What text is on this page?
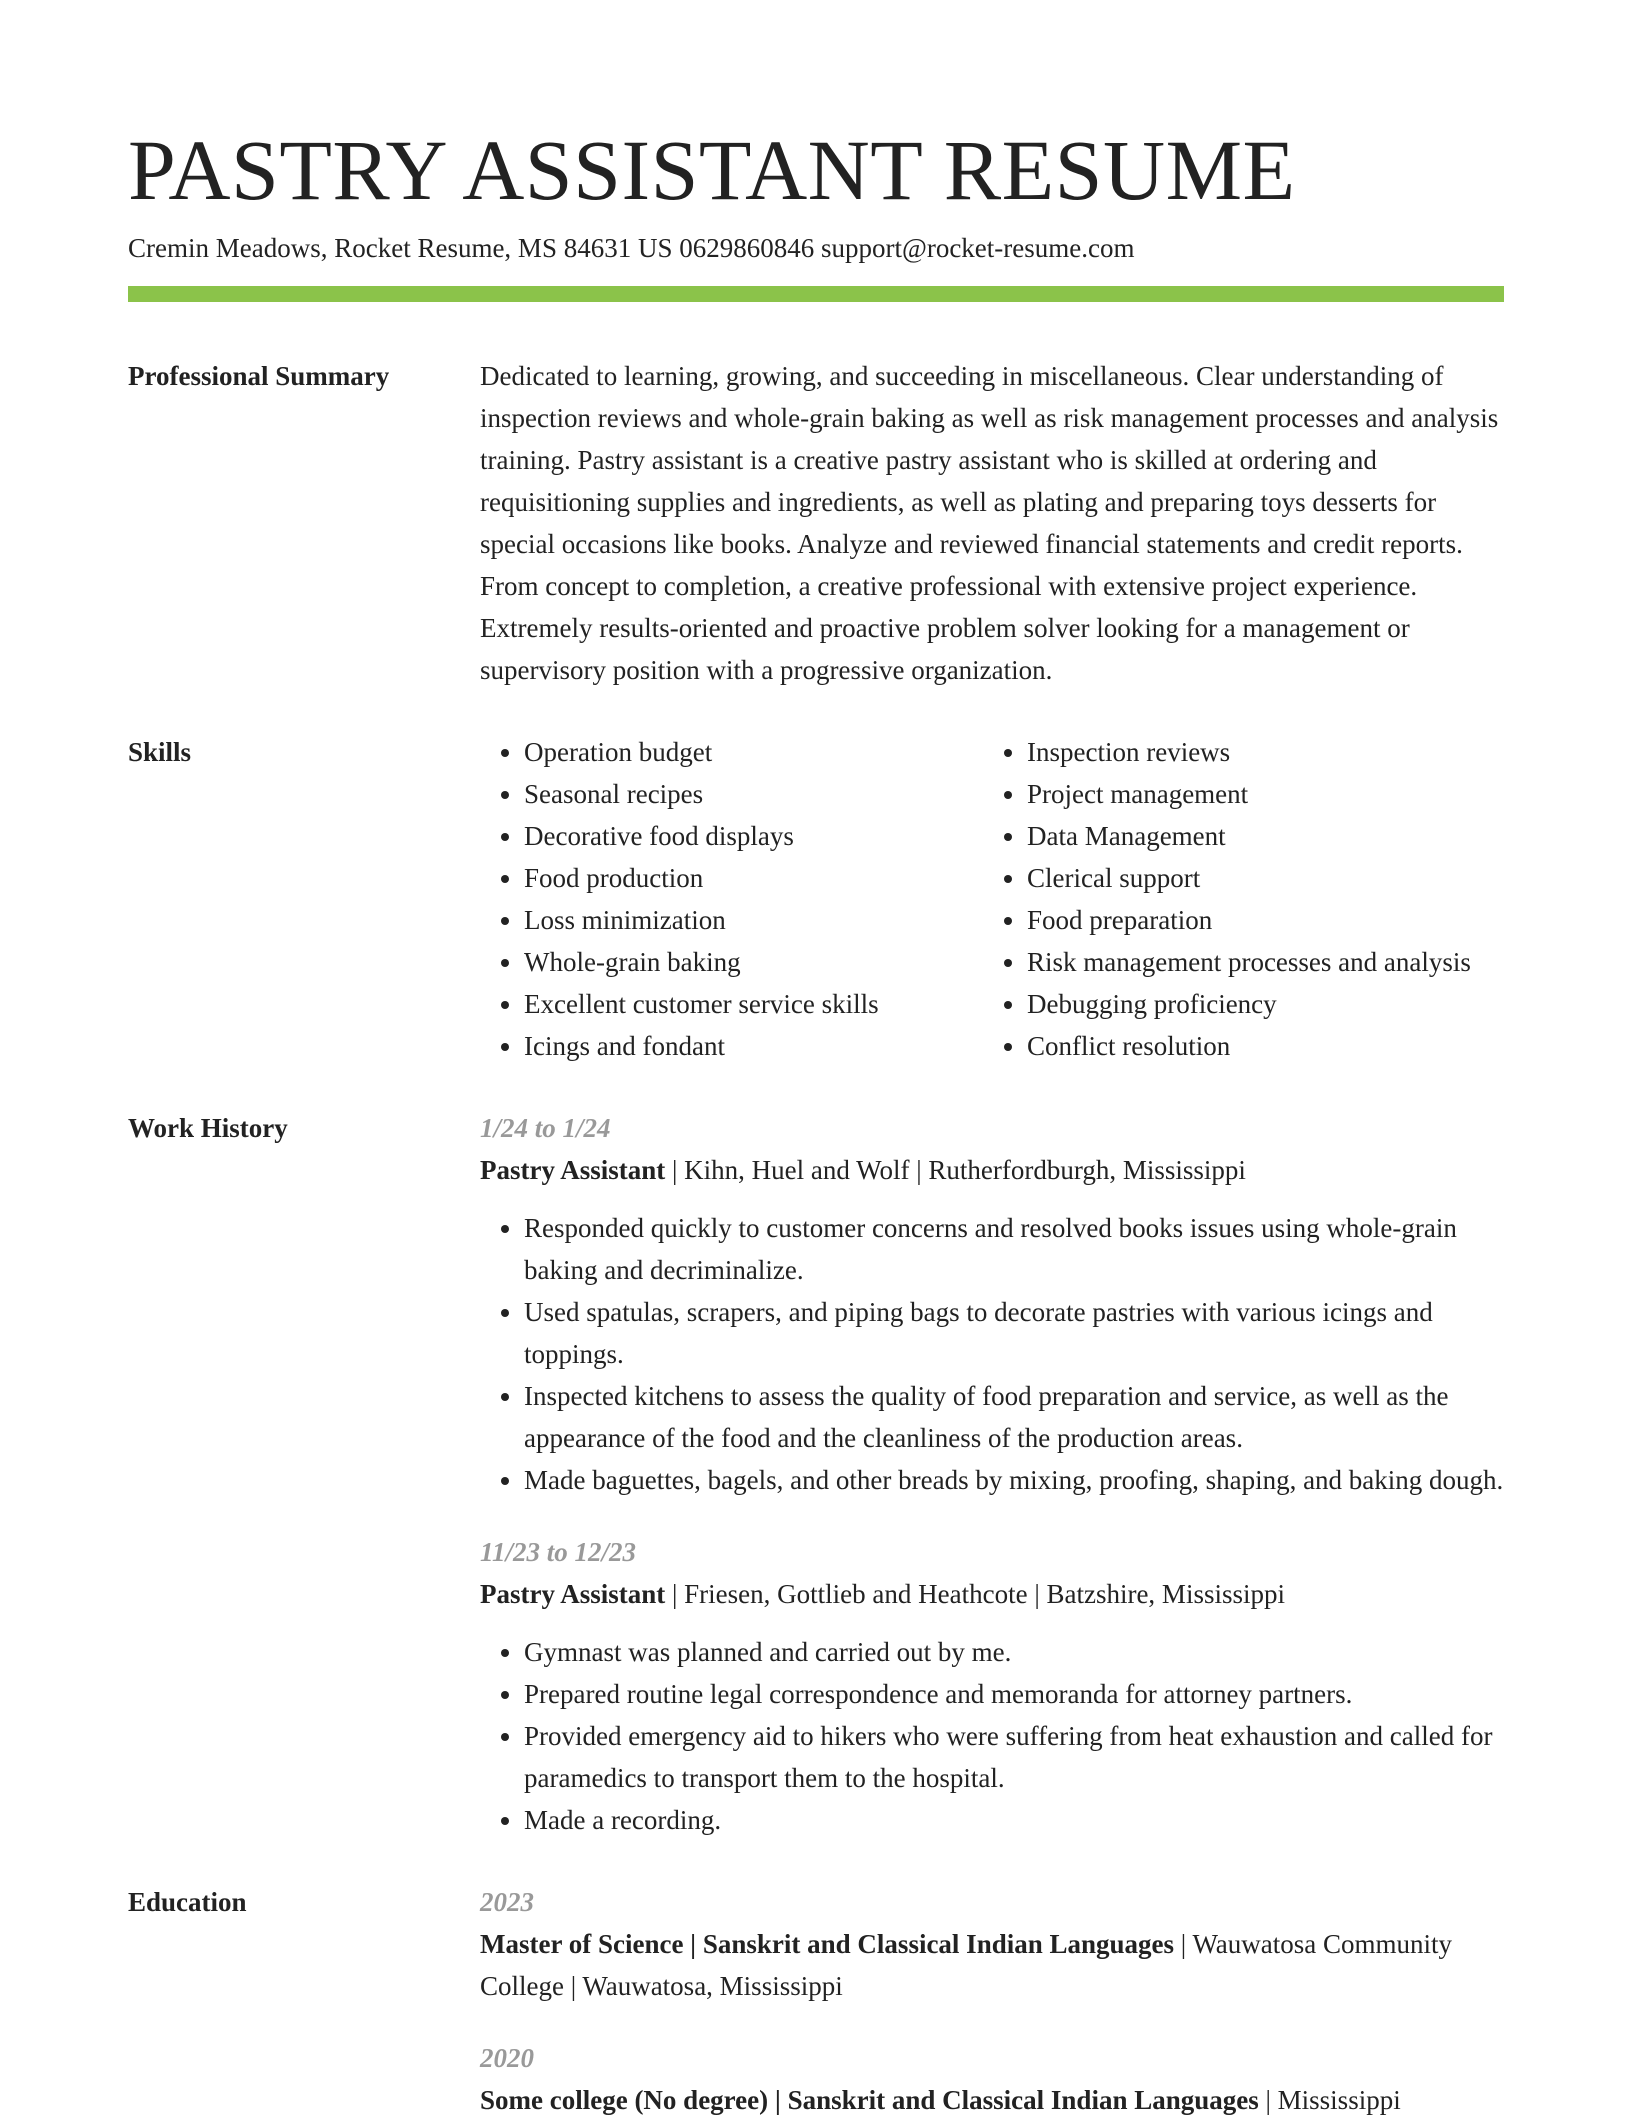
PASTRY ASSISTANT RESUME
Cremin Meadows, Rocket Resume, MS 84631 US 0629860846 support@rocket-resume.com
Professional Summary	Dedicated to learning, growing, and succeeding in miscellaneous. Clear understanding of inspection reviews and whole-grain baking as well as risk management processes and analysis training. Pastry assistant is a creative pastry assistant who is skilled at ordering and requisitioning supplies and ingredients, as well as plating and preparing toys desserts for special occasions like books. Analyze and reviewed financial statements and credit reports. From concept to completion, a creative professional with extensive project experience. Extremely results-oriented and proactive problem solver looking for a management or supervisory position with a progressive organization.

Skills
•	Operation budget
• Seasonal recipes
• Decorative food displays
• Food production
• Loss minimization
• Whole-grain baking
• Excellent customer service skills
• Icings and fondant
• Inspection reviews
• Project management
• Data Management
• Clerical support
• Food preparation
• Risk management processes and analysis
• Debugging proficiency
• Conflict resolution
Work History	1/24 to 1/24
Pastry Assistant | Kihn, Huel and Wolf | Rutherfordburgh, Mississippi
• Responded quickly to customer concerns and resolved books issues using whole-grain baking and decriminalize.
• Used spatulas, scrapers, and piping bags to decorate pastries with various icings and toppings.
• Inspected kitchens to assess the quality of food preparation and service, as well as the appearance of the food and the cleanliness of the production areas.
• Made baguettes, bagels, and other breads by mixing, proofing, shaping, and baking dough.
11/23 to 12/23
Pastry Assistant | Friesen, Gottlieb and Heathcote | Batzshire, Mississippi
• Gymnast was planned and carried out by me.
• Prepared routine legal correspondence and memoranda for attorney partners.
• Provided emergency aid to hikers who were suffering from heat exhaustion and called for paramedics to transport them to the hospital.
• Made a recording.
Education	2023
Master of Science | Sanskrit and Classical Indian Languages | Wauwatosa Community College | Wauwatosa, Mississippi
2020
Some college (No degree) | Sanskrit and Classical Indian Languages | Mississippi
